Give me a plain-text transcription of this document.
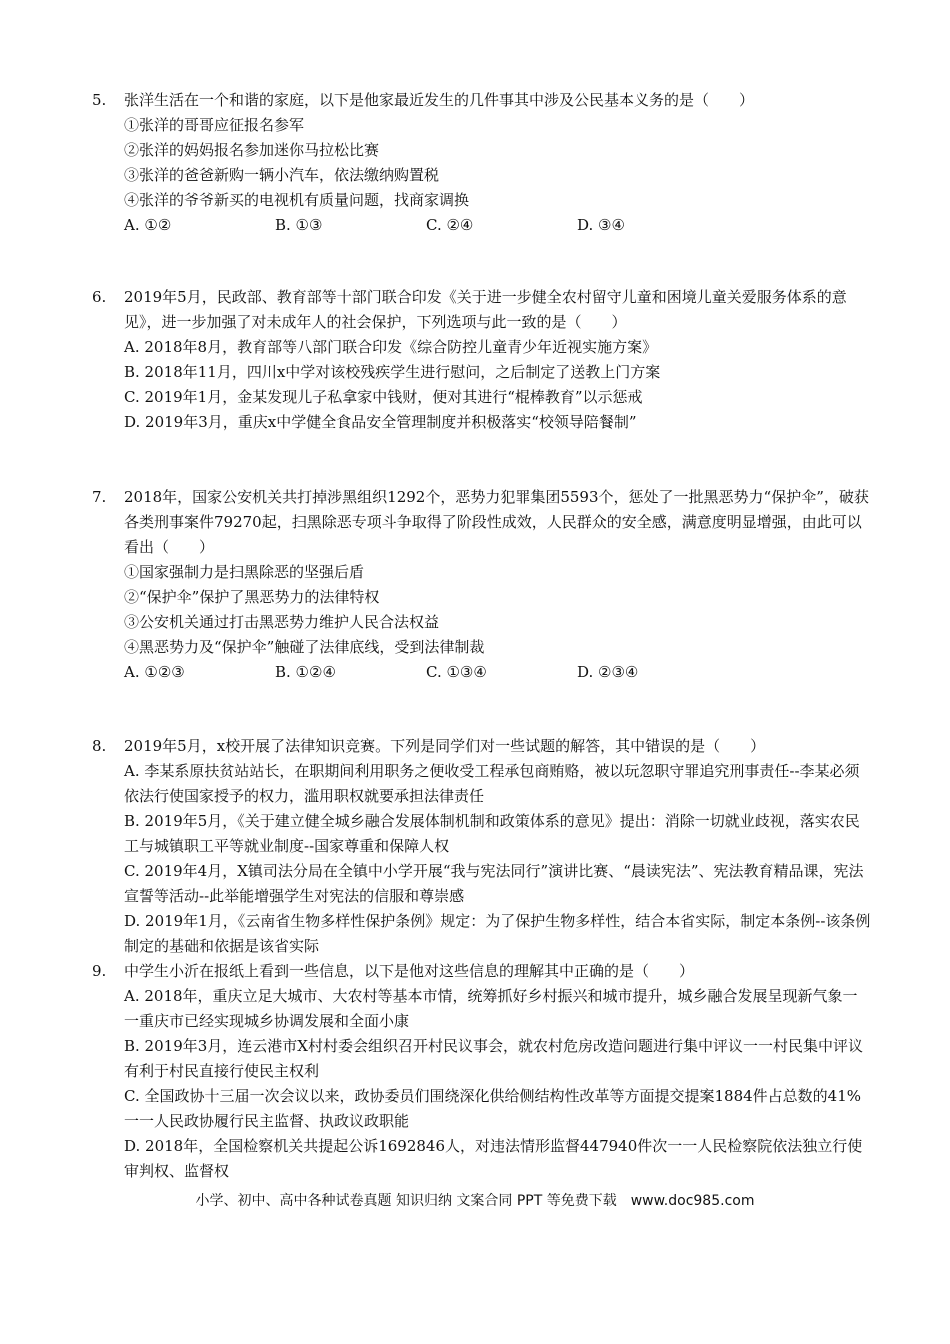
5. 张洋生活在一个和谐的家庭，以下是他家最近发生的几件事其中涉及公民基本义务的是（　　）

①张洋的哥哥应征报名参军

②张洋的妈妈报名参加迷你马拉松比赛

③张洋的爸爸新购一辆小汽车，依法缴纳购置税

④张洋的爷爷新买的电视机有质量问题，找商家调换

A. ①②	B. ①③	C. ②④	D. ③④
6. 2019年5月，民政部、教育部等十部门联合印发《关于进一步健全农村留守儿童和困境儿童关爱服务体系的意见》，进一步加强了对未成年人的社会保护，下列选项与此一致的是（　　）

A. 2018年8月，教育部等八部门联合印发《综合防控儿童青少年近视实施方案》

B. 2018年11月，四川x中学对该校残疾学生进行慰问，之后制定了送教上门方案

C. 2019年1月，金某发现儿子私拿家中钱财，便对其进行“棍棒教育”以示惩戒

D. 2019年3月，重庆x中学健全食品安全管理制度并积极落实“校领导陪餐制”

7. 2018年，国家公安机关共打掉涉黑组织1292个，恶势力犯罪集团5593个，惩处了一批黑恶势力“保护伞”，破获各类刑事案件79270起，扫黑除恶专项斗争取得了阶段性成效，人民群众的安全感，满意度明显增强，由此可以看出（　　）

①国家强制力是扫黑除恶的坚强后盾

②“保护伞”保护了黑恶势力的法律特权

③公安机关通过打击黑恶势力维护人民合法权益

④黑恶势力及“保护伞”触碰了法律底线，受到法律制裁

A. ①②③	B. ①②④	C. ①③④	D. ②③④
8. 2019年5月，x校开展了法律知识竞赛。下列是同学们对一些试题的解答，其中错误的是（　　）

A. 李某系原扶贫站站长，在职期间利用职务之便收受工程承包商贿赂，被以玩忽职守罪追究刑事责任--李某必须依法行使国家授予的权力，滥用职权就要承担法律责任

B. 2019年5月，《关于建立健全城乡融合发展体制机制和政策体系的意见》提出：消除一切就业歧视，落实农民工与城镇职工平等就业制度--国家尊重和保障人权

C. 2019年4月，X镇司法分局在全镇中小学开展“我与宪法同行”演讲比赛、“晨读宪法”、宪法教育精品课，宪法宣誓等活动--此举能增强学生对宪法的信服和尊崇感

D. 2019年1月，《云南省生物多样性保护条例》规定：为了保护生物多样性，结合本省实际，制定本条例--该条例制定的基础和依据是该省实际

9. 中学生小沂在报纸上看到一些信息，以下是他对这些信息的理解其中正确的是（　　）

A. 2018年，重庆立足大城市、大农村等基本市情，统筹抓好乡村振兴和城市提升，城乡融合发展呈现新气象一一重庆市已经实现城乡协调发展和全面小康

B. 2019年3月，连云港市X村村委会组织召开村民议事会，就农村危房改造问题进行集中评议一一村民集中评议有利于村民直接行使民主权利

C. 全国政协十三届一次会议以来，政协委员们围绕深化供给侧结构性改革等方面提交提案1884件占总数的41%一一人民政协履行民主监督、执政议政职能

D. 2018年，全国检察机关共提起公诉1692846人，对违法情形监督447940件次一一人民检察院依法独立行使审判权、监督权

小学、初中、高中各种试卷真题 知识归纳 文案合同 PPT 等免费下载　www.doc985.com
